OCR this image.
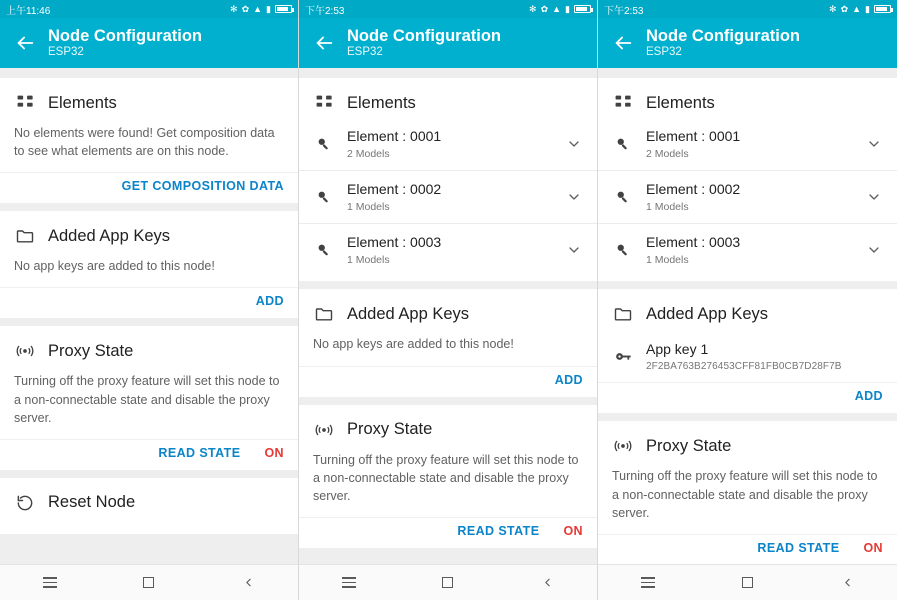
上午11:46	✻ ✿ ▲ ▮
Node Configuration
ESP32
Elements
No elements were found! Get composition data to see what elements are on this node.
GET COMPOSITION DATA
Added App Keys
No app keys are added to this node!
ADD
Proxy State
Turning off the proxy feature will set this node to a non-connectable state and disable the proxy server.
READ STATE ON
Reset Node
下午2:53	✻ ✿ ▲ ▮
Node Configuration
ESP32
Elements
Element : 0001
2 Models
Element : 0002
1 Models
Element : 0003
1 Models
Added App Keys
No app keys are added to this node!
ADD
Proxy State
Turning off the proxy feature will set this node to a non-connectable state and disable the proxy server.
READ STATE ON
下午2:53	✻ ✿ ▲ ▮
Node Configuration
ESP32
Elements
Element : 0001
2 Models
Element : 0002
1 Models
Element : 0003
1 Models
Added App Keys
App key 1
2F2BA763B276453CFF81FB0CB7D28F7B
ADD
Proxy State
Turning off the proxy feature will set this node to a non-connectable state and disable the proxy server.
READ STATE ON
